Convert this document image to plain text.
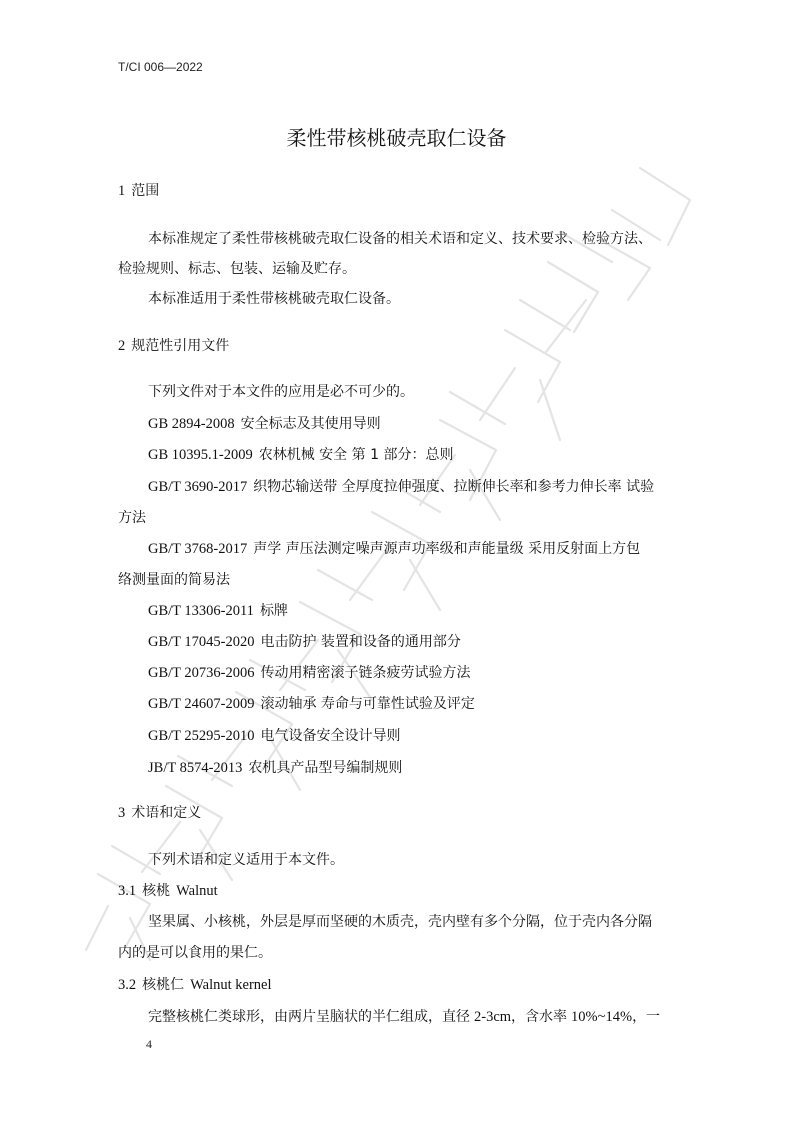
T/CI 006—2022
柔性带核桃破壳取仁设备
1 范围
本标准规定了柔性带核桃破壳取仁设备的相关术语和定义、技术要求、检验方法、
检验规则、标志、包装、运输及贮存。
本标准适用于柔性带核桃破壳取仁设备。
2 规范性引用文件
下列文件对于本文件的应用是必不可少的。
GB 2894-2008 安全标志及其使用导则
GB 10395.1-2009 农林机械 安全 第 1 部分：总则
GB/T 3690-2017 织物芯输送带 全厚度拉伸强度、拉断伸长率和参考力伸长率 试验
方法
GB/T 3768-2017 声学 声压法测定噪声源声功率级和声能量级 采用反射面上方包
络测量面的简易法
GB/T 13306-2011 标牌
GB/T 17045-2020 电击防护 装置和设备的通用部分
GB/T 20736-2006 传动用精密滚子链条疲劳试验方法
GB/T 24607-2009 滚动轴承 寿命与可靠性试验及评定
GB/T 25295-2010 电气设备安全设计导则
JB/T 8574-2013 农机具产品型号编制规则
3 术语和定义
下列术语和定义适用于本文件。
3.1 核桃 Walnut
坚果属、小核桃，外层是厚而坚硬的木质壳，壳内壁有多个分隔，位于壳内各分隔
内的是可以食用的果仁。
3.2 核桃仁 Walnut kernel
完整核桃仁类球形，由两片呈脑状的半仁组成，直径 2-3cm，含水率 10%~14%，一
4
